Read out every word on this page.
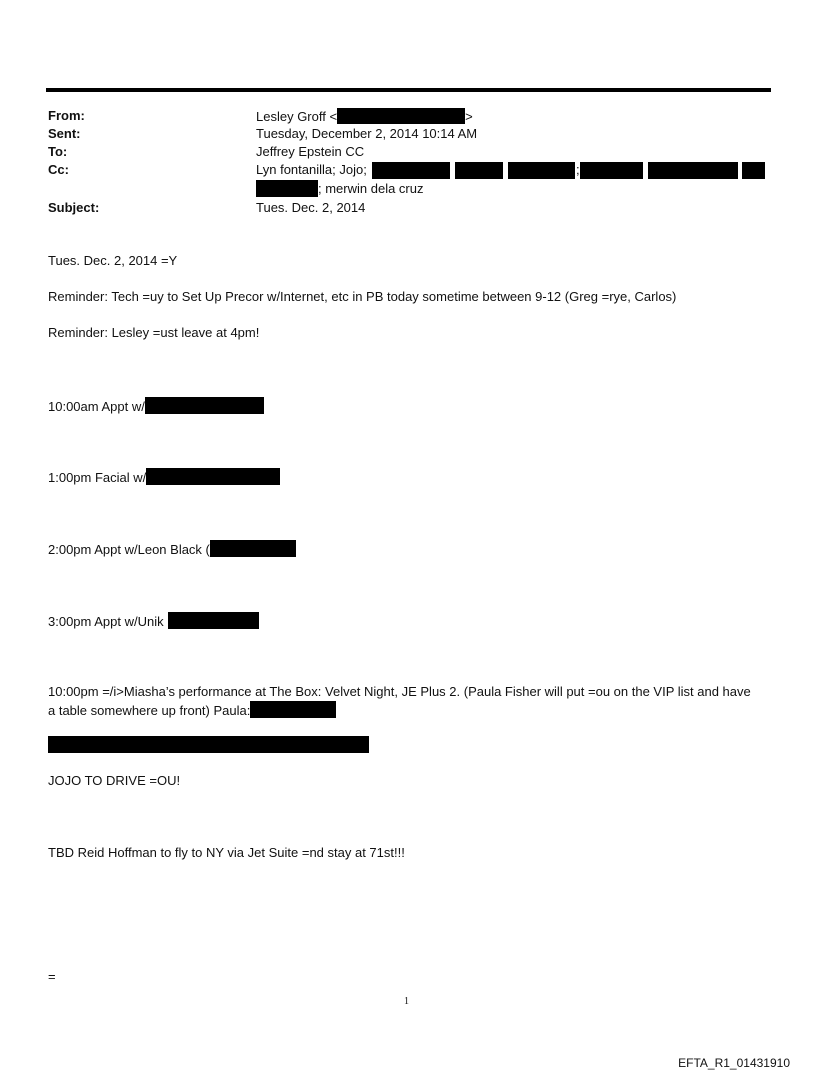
From:	Lesley Groff <	>
Sent:	Tuesday, December 2, 2014 10:14 AM
To:	Jeffrey Epstein CC
Cc:	Lyn fontanilla; Jojo;	;
; merwin dela cruz
Subject:	Tues. Dec. 2, 2014
Tues. Dec. 2, 2014 =Y
Reminder: Tech =uy to Set Up Precor w/Internet, etc in PB today sometime between 9-12 (Greg =rye, Carlos)
Reminder: Lesley =ust leave at 4pm!
10:00am Appt w/
1:00pm Facial w/
2:00pm Appt w/Leon Black (
3:00pm Appt w/Unik
10:00pm =/i>Miasha’s performance at The Box: Velvet Night, JE Plus 2. (Paula Fisher will put =ou on the VIP list and have
a table somewhere up front) Paula:
JOJO TO DRIVE =OU!
TBD Reid Hoffman to fly to NY via Jet Suite =nd stay at 71st!!!
=
1
EFTA_R1_01431910
